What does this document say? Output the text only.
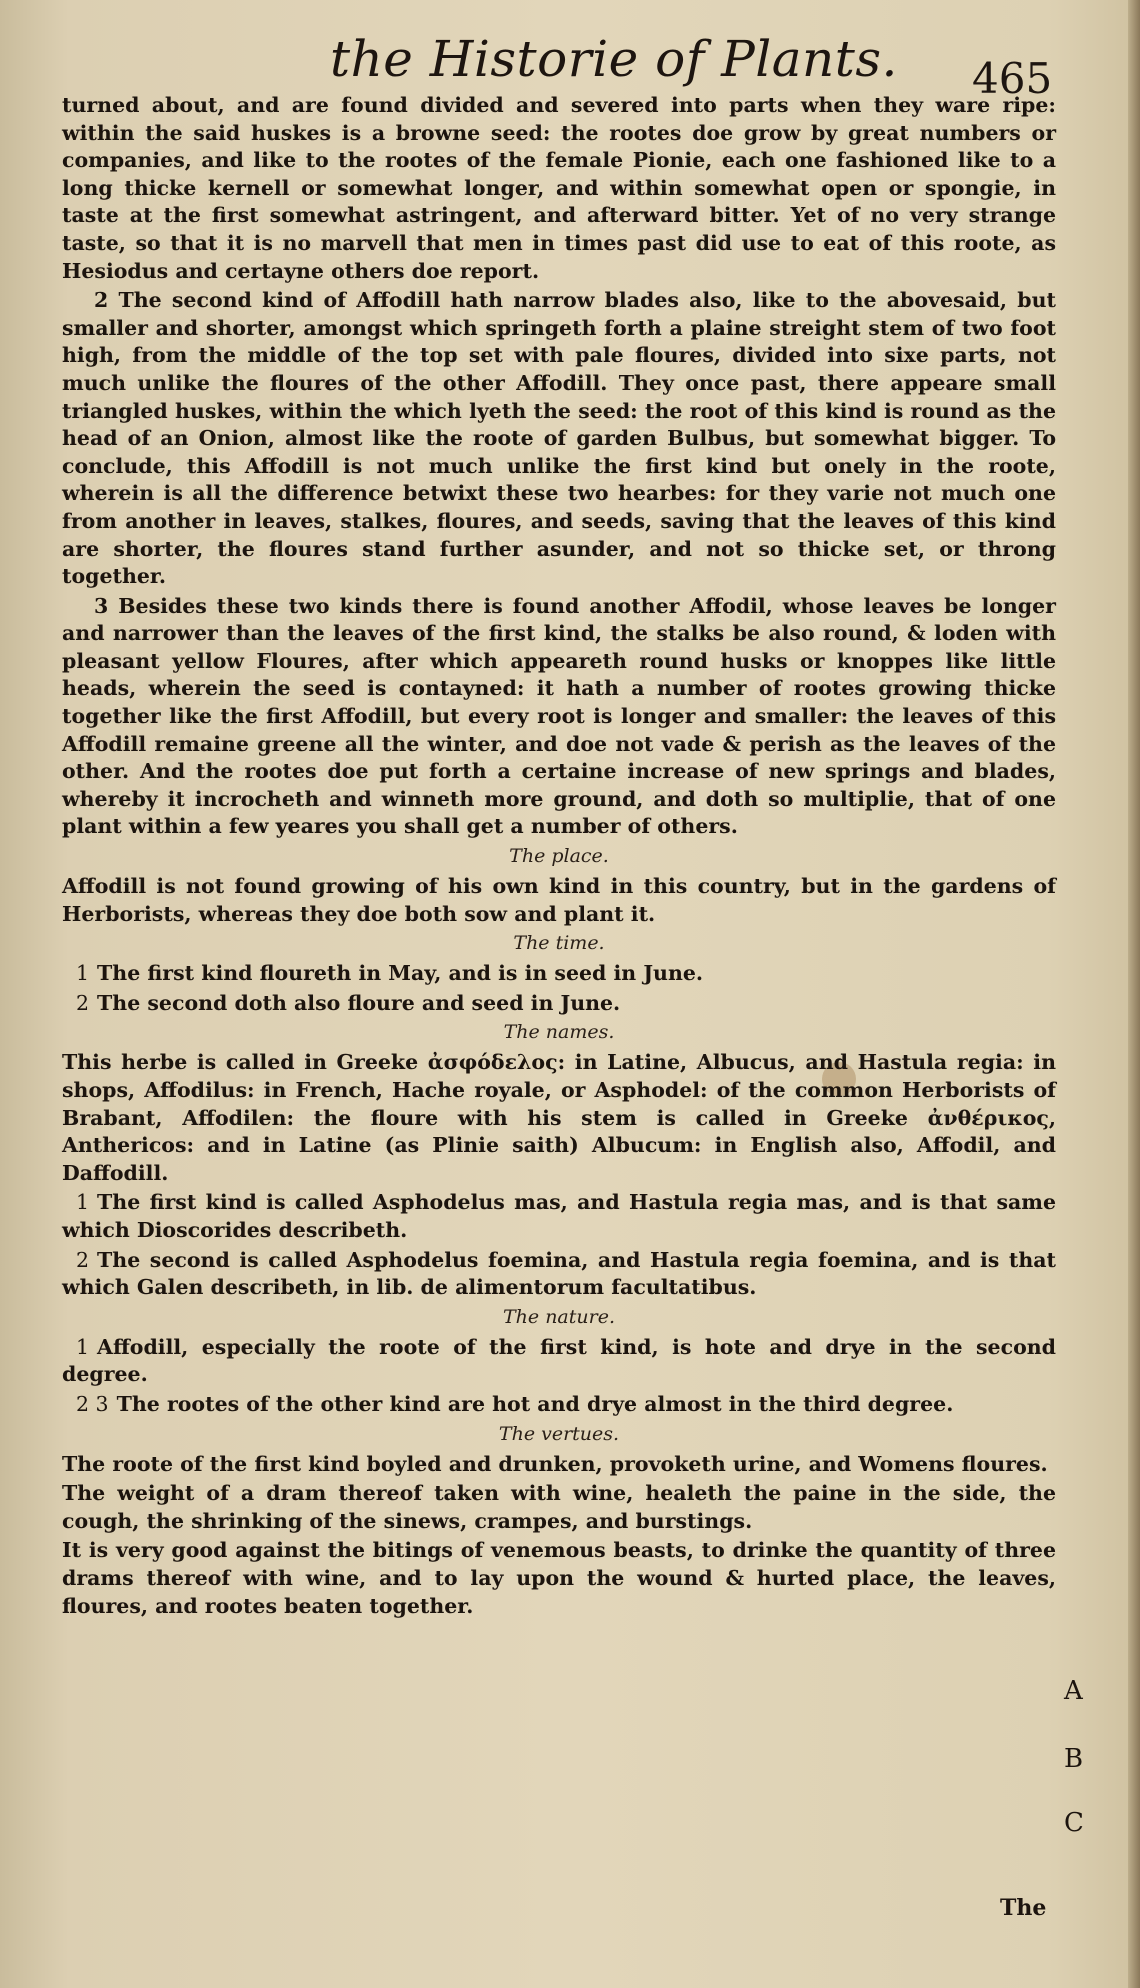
the Historie of Plants. 465

turned about, and are found divided and severed into parts when they ware ripe: within the said huskes is a browne seed: the rootes doe grow by great numbers or companies, and like to the rootes of the female Pionie, each one fashioned like to a long thicke kernell or somewhat longer, and within somewhat open or spongie, in taste at the first somewhat astringent, and afterward bitter. Yet of no very strange taste, so that it is no marvell that men in times past did use to eat of this roote, as Hesiodus and certayne others doe report.

2 The second kind of Affodill hath narrow blades also, like to the abovesaid, but smaller and shorter, amongst which springeth forth a plaine streight stem of two foot high, from the middle of the top set with pale floures, divided into sixe parts, not much unlike the floures of the other Affodill. They once past, there appeare small triangled huskes, within the which lyeth the seed: the root of this kind is round as the head of an Onion, almost like the roote of garden Bulbus, but somewhat bigger. To conclude, this Affodill is not much unlike the first kind but onely in the roote, wherein is all the difference betwixt these two hearbes: for they varie not much one from another in leaves, stalkes, floures, and seeds, saving that the leaves of this kind are shorter, the floures stand further asunder, and not so thicke set, or throng together.

3 Besides these two kinds there is found another Affodil, whose leaves be longer and narrower than the leaves of the first kind, the stalks be also round, & loden with pleasant yellow Floures, after which appeareth round husks or knoppes like little heads, wherein the seed is contayned: it hath a number of rootes growing thicke together like the first Affodill, but every root is longer and smaller: the leaves of this Affodill remaine greene all the winter, and doe not vade & perish as the leaves of the other. And the rootes doe put forth a certaine increase of new springs and blades, whereby it incrocheth and winneth more ground, and doth so multiplie, that of one plant within a few yeares you shall get a number of others.

The place.

Affodill is not found growing of his own kind in this country, but in the gardens of Herborists, whereas they doe both sow and plant it.

The time.

1 The first kind floureth in May, and is in seed in June.

2 The second doth also floure and seed in June.

The names.

This herbe is called in Greeke ἀσφόδελος: in Latine, Albucus, and Hastula regia: in shops, Affodilus: in French, Hache royale, or Asphodel: of the common Herborists of Brabant, Affodilen: the floure with his stem is called in Greeke ἀνθέρικος, Anthericos: and in Latine (as Plinie saith) Albucum: in English also, Affodil, and Daffodill.

1 The first kind is called Asphodelus mas, and Hastula regia mas, and is that same which Dioscorides describeth.

2 The second is called Asphodelus foemina, and Hastula regia foemina, and is that which Galen describeth, in lib. de alimentorum facultatibus.

The nature.

1 Affodill, especially the roote of the first kind, is hote and drye in the second degree.

2 3 The rootes of the other kind are hot and drye almost in the third degree.

The vertues.

The roote of the first kind boyled and drunken, provoketh urine, and Womens floures.

The weight of a dram thereof taken with wine, healeth the paine in the side, the cough, the shrinking of the sinews, crampes, and burstings.

It is very good against the bitings of venemous beasts, to drinke the quantity of three drams thereof with wine, and to lay upon the wound & hurted place, the leaves, floures, and rootes beaten together.

A
B
C
The
